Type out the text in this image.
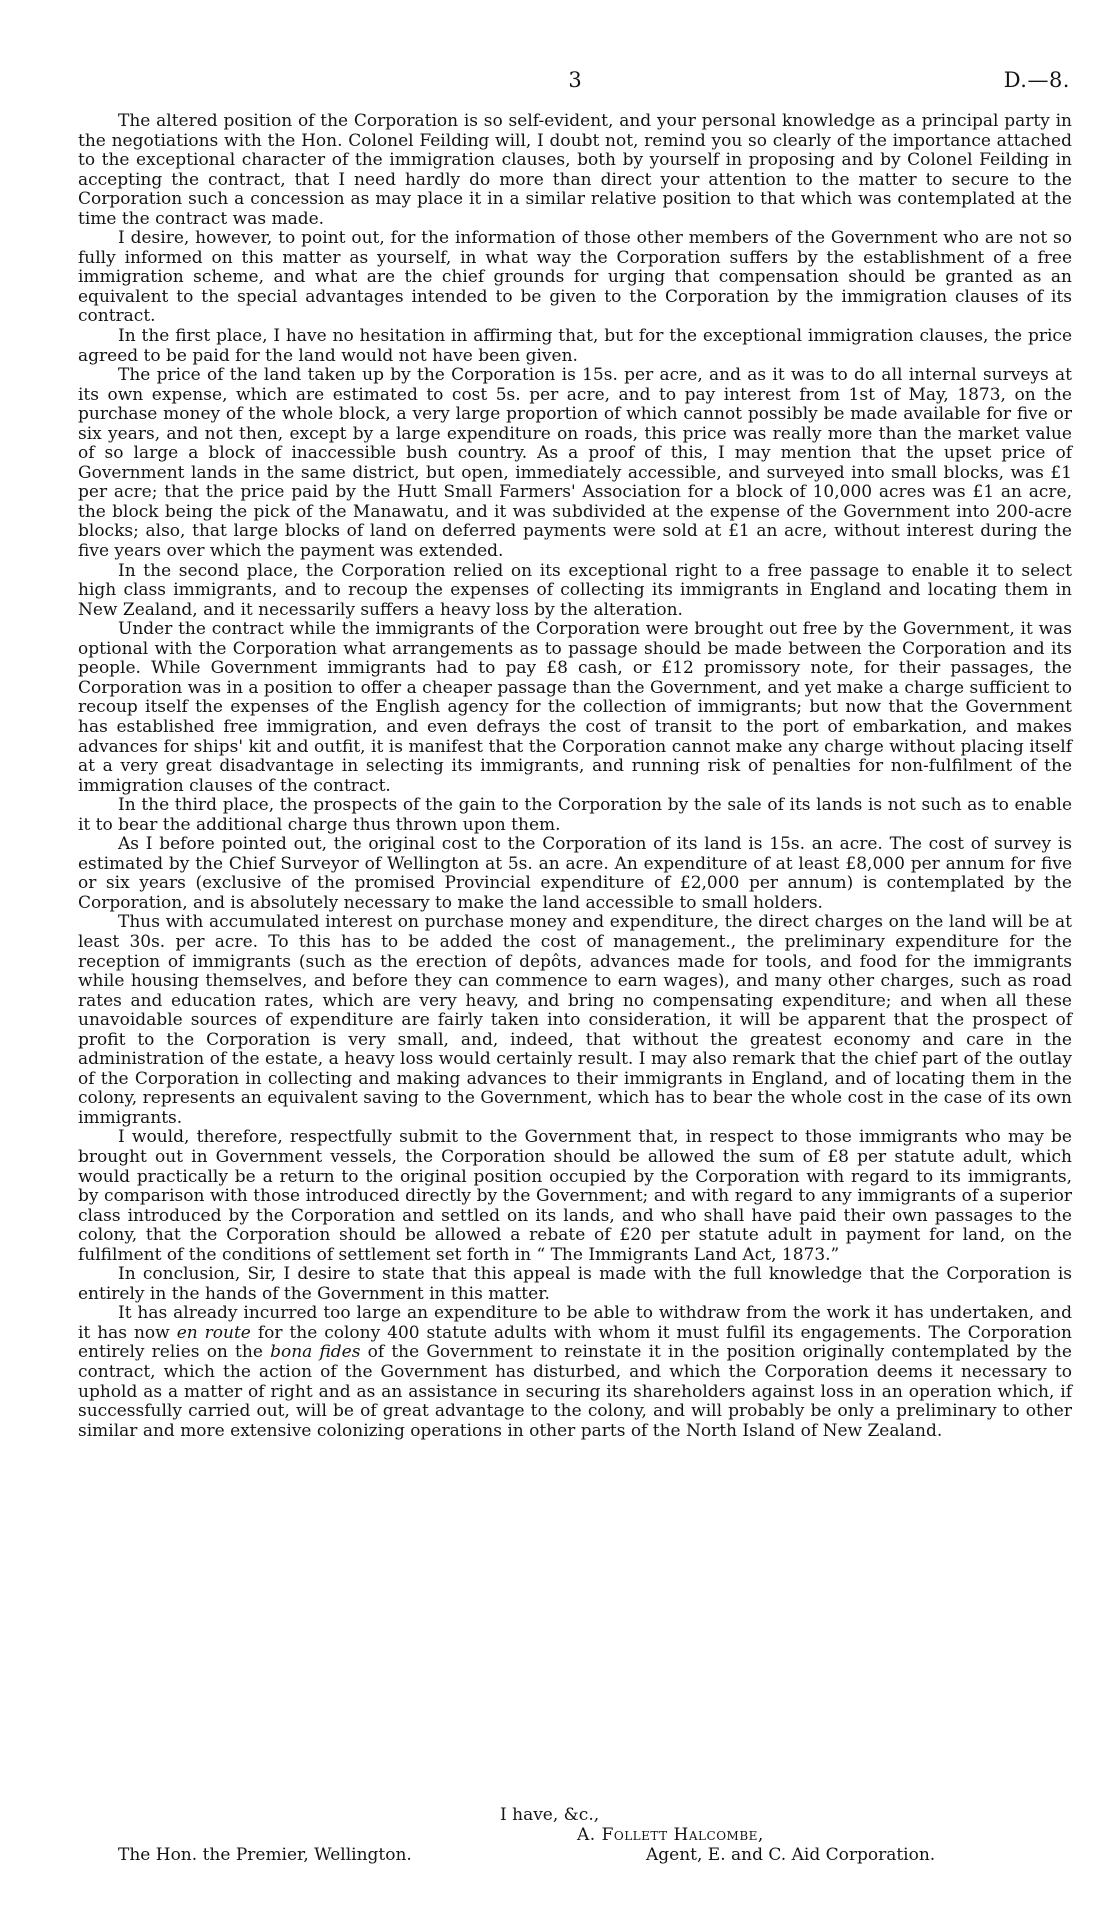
3	D.—8.

The altered position of the Corporation is so self-evident, and your personal knowledge as a principal party in the negotiations with the Hon. Colonel Feilding will, I doubt not, remind you so clearly of the importance attached to the exceptional character of the immigration clauses, both by yourself in proposing and by Colonel Feilding in accepting the contract, that I need hardly do more than direct your attention to the matter to secure to the Corporation such a concession as may place it in a similar relative position to that which was contemplated at the time the contract was made.

I desire, however, to point out, for the information of those other members of the Government who are not so fully informed on this matter as yourself, in what way the Corporation suffers by the establishment of a free immigration scheme, and what are the chief grounds for urging that compensation should be granted as an equivalent to the special advantages intended to be given to the Corporation by the immigration clauses of its contract.

In the first place, I have no hesitation in affirming that, but for the exceptional immigration clauses, the price agreed to be paid for the land would not have been given.

The price of the land taken up by the Corporation is 15s. per acre, and as it was to do all internal surveys at its own expense, which are estimated to cost 5s. per acre, and to pay interest from 1st of May, 1873, on the purchase money of the whole block, a very large proportion of which cannot possibly be made available for five or six years, and not then, except by a large expenditure on roads, this price was really more than the market value of so large a block of inaccessible bush country. As a proof of this, I may mention that the upset price of Government lands in the same district, but open, immediately accessible, and surveyed into small blocks, was £1 per acre; that the price paid by the Hutt Small Farmers' Association for a block of 10,000 acres was £1 an acre, the block being the pick of the Manawatu, and it was subdivided at the expense of the Government into 200-acre blocks; also, that large blocks of land on deferred payments were sold at £1 an acre, without interest during the five years over which the payment was extended.

In the second place, the Corporation relied on its exceptional right to a free passage to enable it to select high class immigrants, and to recoup the expenses of collecting its immigrants in England and locating them in New Zealand, and it necessarily suffers a heavy loss by the alteration.

Under the contract while the immigrants of the Corporation were brought out free by the Government, it was optional with the Corporation what arrangements as to passage should be made between the Corporation and its people. While Government immigrants had to pay £8 cash, or £12 promissory note, for their passages, the Corporation was in a position to offer a cheaper passage than the Government, and yet make a charge sufficient to recoup itself the expenses of the English agency for the collection of immigrants; but now that the Government has established free immigration, and even defrays the cost of transit to the port of embarkation, and makes advances for ships' kit and outfit, it is manifest that the Corporation cannot make any charge without placing itself at a very great disadvantage in selecting its immigrants, and running risk of penalties for non-fulfilment of the immigration clauses of the contract.

In the third place, the prospects of the gain to the Corporation by the sale of its lands is not such as to enable it to bear the additional charge thus thrown upon them.

As I before pointed out, the original cost to the Corporation of its land is 15s. an acre. The cost of survey is estimated by the Chief Surveyor of Wellington at 5s. an acre. An expenditure of at least £8,000 per annum for five or six years (exclusive of the promised Provincial expenditure of £2,000 per annum) is contemplated by the Corporation, and is absolutely necessary to make the land accessible to small holders.

Thus with accumulated interest on purchase money and expenditure, the direct charges on the land will be at least 30s. per acre. To this has to be added the cost of management., the preliminary expenditure for the reception of immigrants (such as the erection of depôts, advances made for tools, and food for the immigrants while housing themselves, and before they can commence to earn wages), and many other charges, such as road rates and education rates, which are very heavy, and bring no compensating expenditure; and when all these unavoidable sources of expenditure are fairly taken into consideration, it will be apparent that the prospect of profit to the Corporation is very small, and, indeed, that without the greatest economy and care in the administration of the estate, a heavy loss would certainly result. I may also remark that the chief part of the outlay of the Corporation in collecting and making advances to their immigrants in England, and of locating them in the colony, represents an equivalent saving to the Government, which has to bear the whole cost in the case of its own immigrants.

I would, therefore, respectfully submit to the Government that, in respect to those immigrants who may be brought out in Government vessels, the Corporation should be allowed the sum of £8 per statute adult, which would practically be a return to the original position occupied by the Corporation with regard to its immigrants, by comparison with those introduced directly by the Government; and with regard to any immigrants of a superior class introduced by the Corporation and settled on its lands, and who shall have paid their own passages to the colony, that the Corporation should be allowed a rebate of £20 per statute adult in payment for land, on the fulfilment of the conditions of settlement set forth in “ The Immigrants Land Act, 1873.”

In conclusion, Sir, I desire to state that this appeal is made with the full knowledge that the Corporation is entirely in the hands of the Government in this matter.

It has already incurred too large an expenditure to be able to withdraw from the work it has undertaken, and it has now en route for the colony 400 statute adults with whom it must fulfil its engagements. The Corporation entirely relies on the bona fides of the Government to reinstate it in the position originally contemplated by the contract, which the action of the Government has disturbed, and which the Corporation deems it necessary to uphold as a matter of right and as an assistance in securing its shareholders against loss in an operation which, if successfully carried out, will be of great advantage to the colony, and will probably be only a preliminary to other similar and more extensive colonizing operations in other parts of the North Island of New Zealand.

I have, &c.,
A. Follett Halcombe,
The Hon. the Premier, Wellington.	Agent, E. and C. Aid Corporation.
